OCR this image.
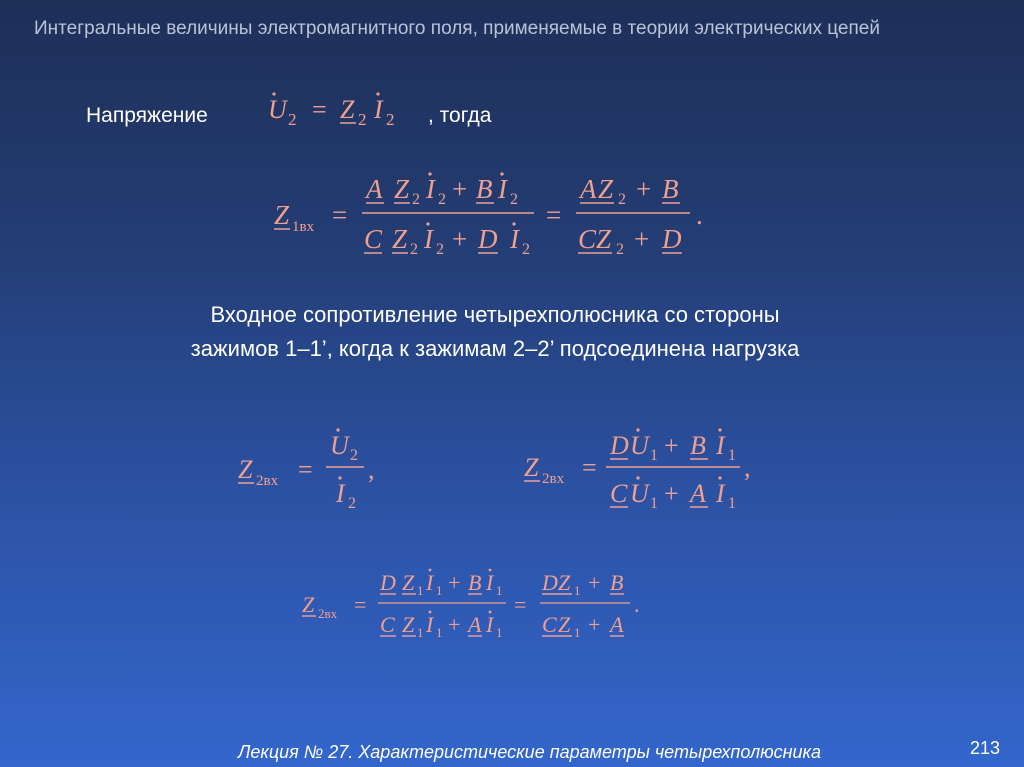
Интегральные величины электромагнитного поля, применяемые в теории электрических цепей
Напряжение U 2 = Z 2 I 2 , тогда
Z 1вх =
A Z 2 I 2 + B I 2
C Z 2 I 2 + D I 2
=
A Z 2 + B
C Z 2 + D
.
Входное сопротивление четырехполюсника со стороны
зажимов 1–1’, когда к зажимам 2–2’ подсоединена нагрузка
Z 2вх =
U 2
I 2
,	Z 2вх =
D U 1 + B I 1
C U 1 + A I 1
,
Z 2вх =
D Z 1 I 1 + B I 1
C Z 1 I 1 + A I 1
=
D Z 1 + B
C Z 1 + A
.
Лекция № 27. Характеристические параметры четырехполюсника	213
